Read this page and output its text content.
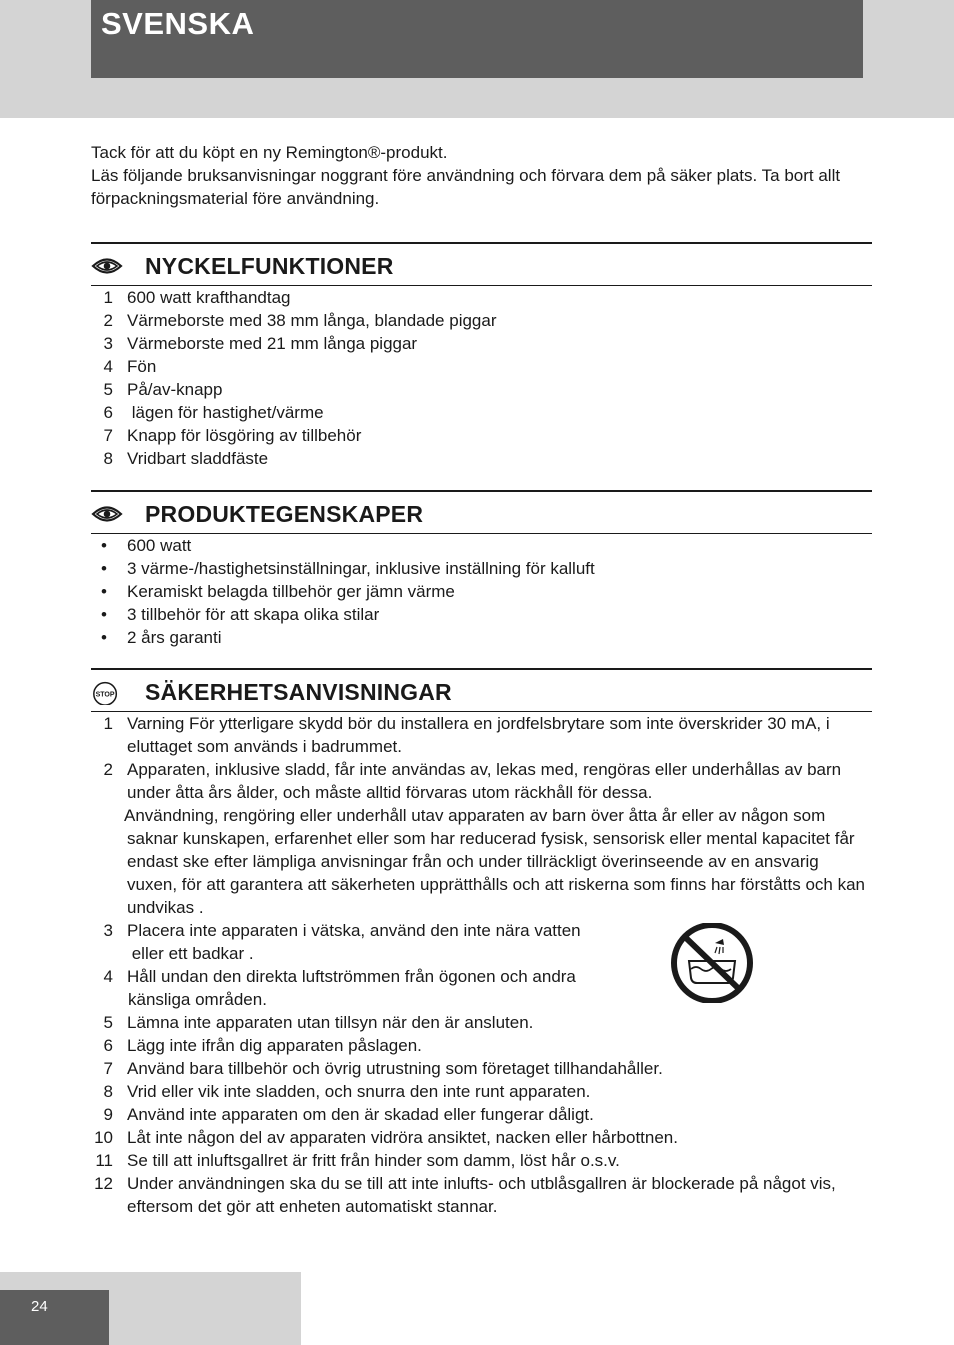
SVENSKA

Tack för att du köpt en ny Remington®-produkt.

Läs följande bruksanvisningar noggrant före användning och förvara dem på säker plats. Ta bort allt förpackningsmaterial före användning.

NYCKELFUNKTIONER
1 600 watt krafthandtag
2 Värmeborste med 38 mm långa, blandade piggar
3 Värmeborste med 21 mm långa piggar
4 Fön
5 På/av-knapp
6 lägen för hastighet/värme
7 Knapp för lösgöring av tillbehör
8 Vridbart sladdfäste
PRODUKTEGENSKAPER
• 600 watt
• 3 värme-/hastighetsinställningar, inklusive inställning för kalluft
• Keramiskt belagda tillbehör ger jämn värme
• 3 tillbehör för att skapa olika stilar
• 2 års garanti
STOP SÄKERHETSANVISNINGAR
1 Varning För ytterligare skydd bör du installera en jordfelsbrytare som inte överskrider 30 mA, i eluttaget som används i badrummet.
2 Apparaten, inklusive sladd, får inte användas av, lekas med, rengöras eller underhållas av barn under åtta års ålder, och måste alltid förvaras utom räckhåll för dessa.

Användning, rengöring eller underhåll utav apparaten av barn över åtta år eller av någon som saknar kunskapen, erfarenhet eller som har reducerad fysisk, sensorisk eller mental kapacitet får endast ske efter lämpliga anvisningar från och under tillräckligt överinseende av en ansvarig vuxen, för att garantera att säkerheten upprätthålls och att riskerna som finns har förståtts och kan undvikas .

3 Placera inte apparaten i vätska, använd den inte nära vatten
eller ett badkar .
4 Håll undan den direkta luftströmmen från ögonen och andra
känsliga områden.
5 Lämna inte apparaten utan tillsyn när den är ansluten.
6 Lägg inte ifrån dig apparaten påslagen.
7 Använd bara tillbehör och övrig utrustning som företaget tillhandahåller.
8 Vrid eller vik inte sladden, och snurra den inte runt apparaten.
9 Använd inte apparaten om den är skadad eller fungerar dåligt.
10 Låt inte någon del av apparaten vidröra ansiktet, nacken eller hårbottnen.
11 Se till att inluftsgallret är fritt från hinder som damm, löst hår o.s.v.
12 Under användningen ska du se till att inte inlufts- och utblåsgallren är blockerade på något vis, eftersom det gör att enheten automatiskt stannar.
24
